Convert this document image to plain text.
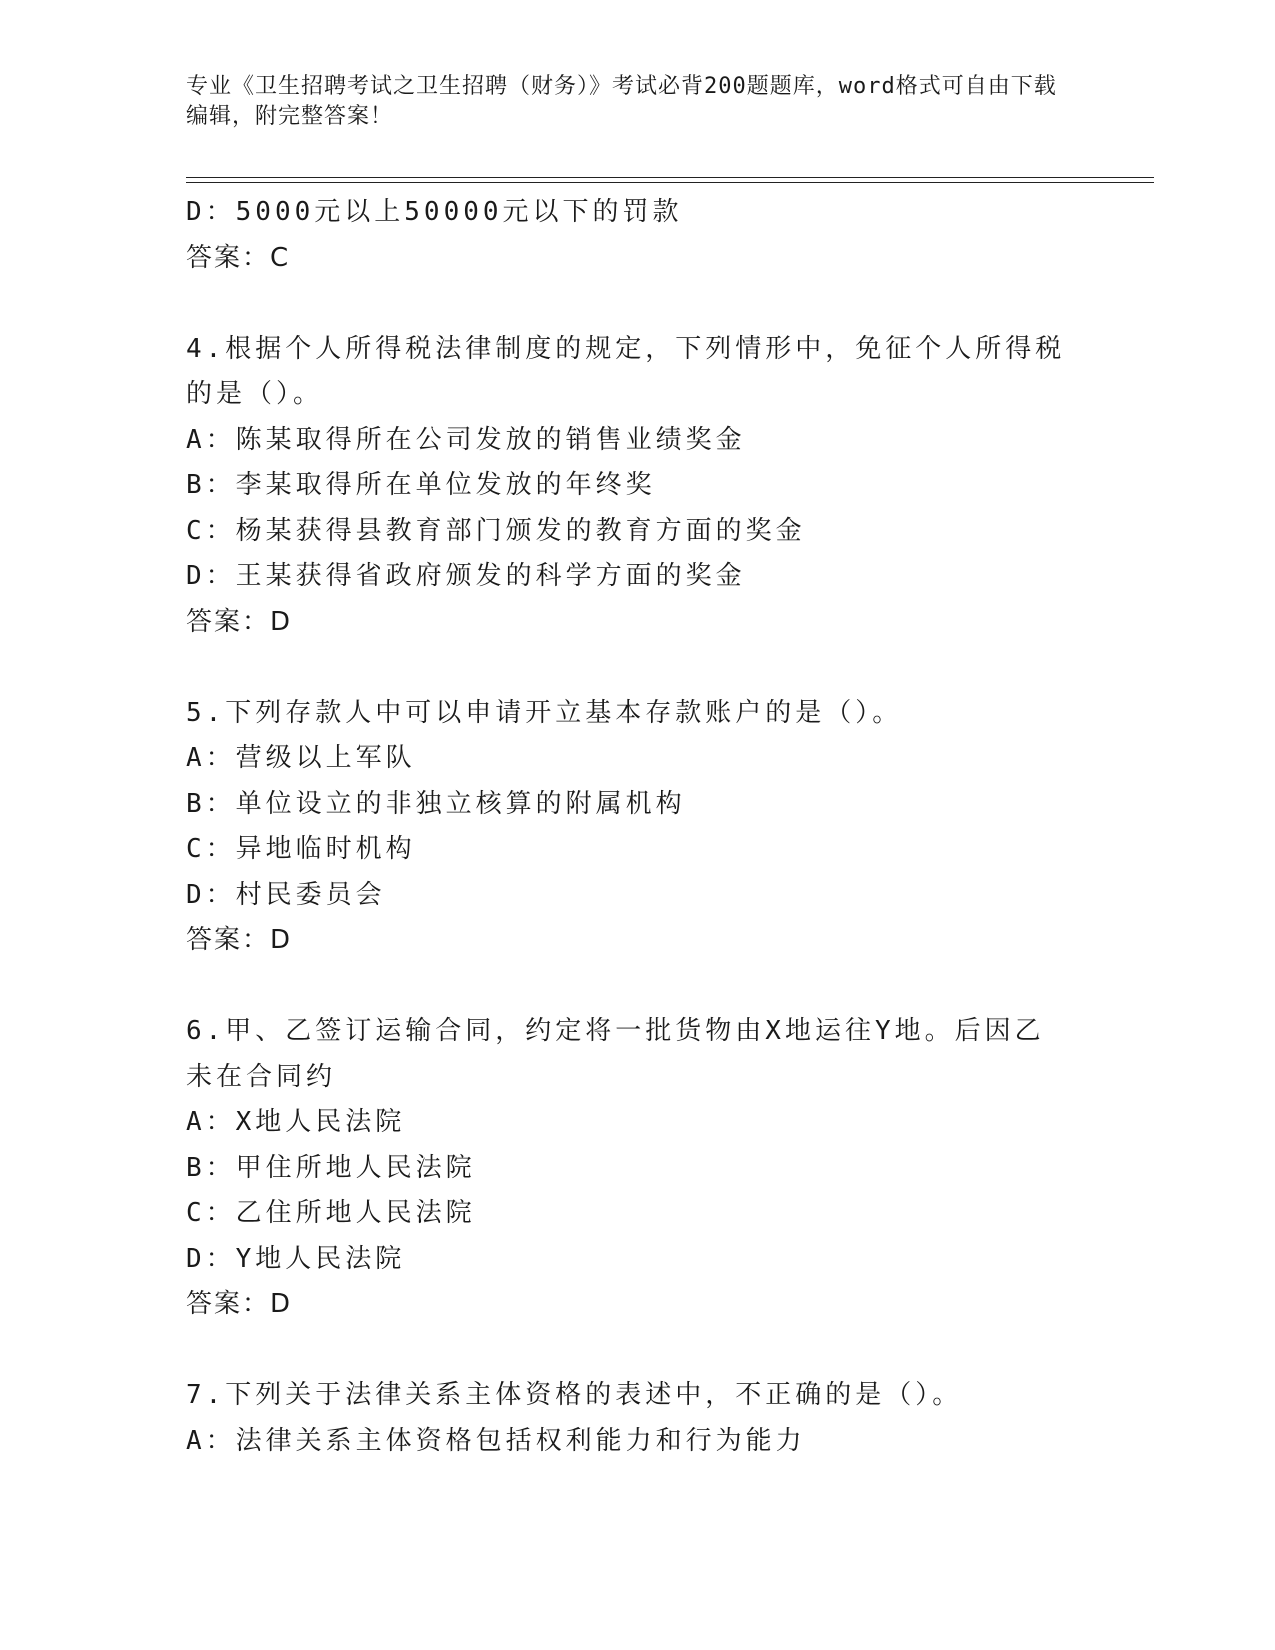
专业《卫生招聘考试之卫生招聘（财务）》考试必背200题题库，word格式可自由下载编辑，附完整答案！
D：5000元以上50000元以下的罚款
答案：C
4.根据个人所得税法律制度的规定，下列情形中，免征个人所得税的是（）。
A：陈某取得所在公司发放的销售业绩奖金
B：李某取得所在单位发放的年终奖
C：杨某获得县教育部门颁发的教育方面的奖金
D：王某获得省政府颁发的科学方面的奖金
答案：D
5.下列存款人中可以申请开立基本存款账户的是（）。
A：营级以上军队
B：单位设立的非独立核算的附属机构
C：异地临时机构
D：村民委员会
答案：D
6.甲、乙签订运输合同，约定将一批货物由X地运往Y地。后因乙未在合同约
A：X地人民法院
B：甲住所地人民法院
C：乙住所地人民法院
D：Y地人民法院
答案：D
7.下列关于法律关系主体资格的表述中，不正确的是（）。
A：法律关系主体资格包括权利能力和行为能力
